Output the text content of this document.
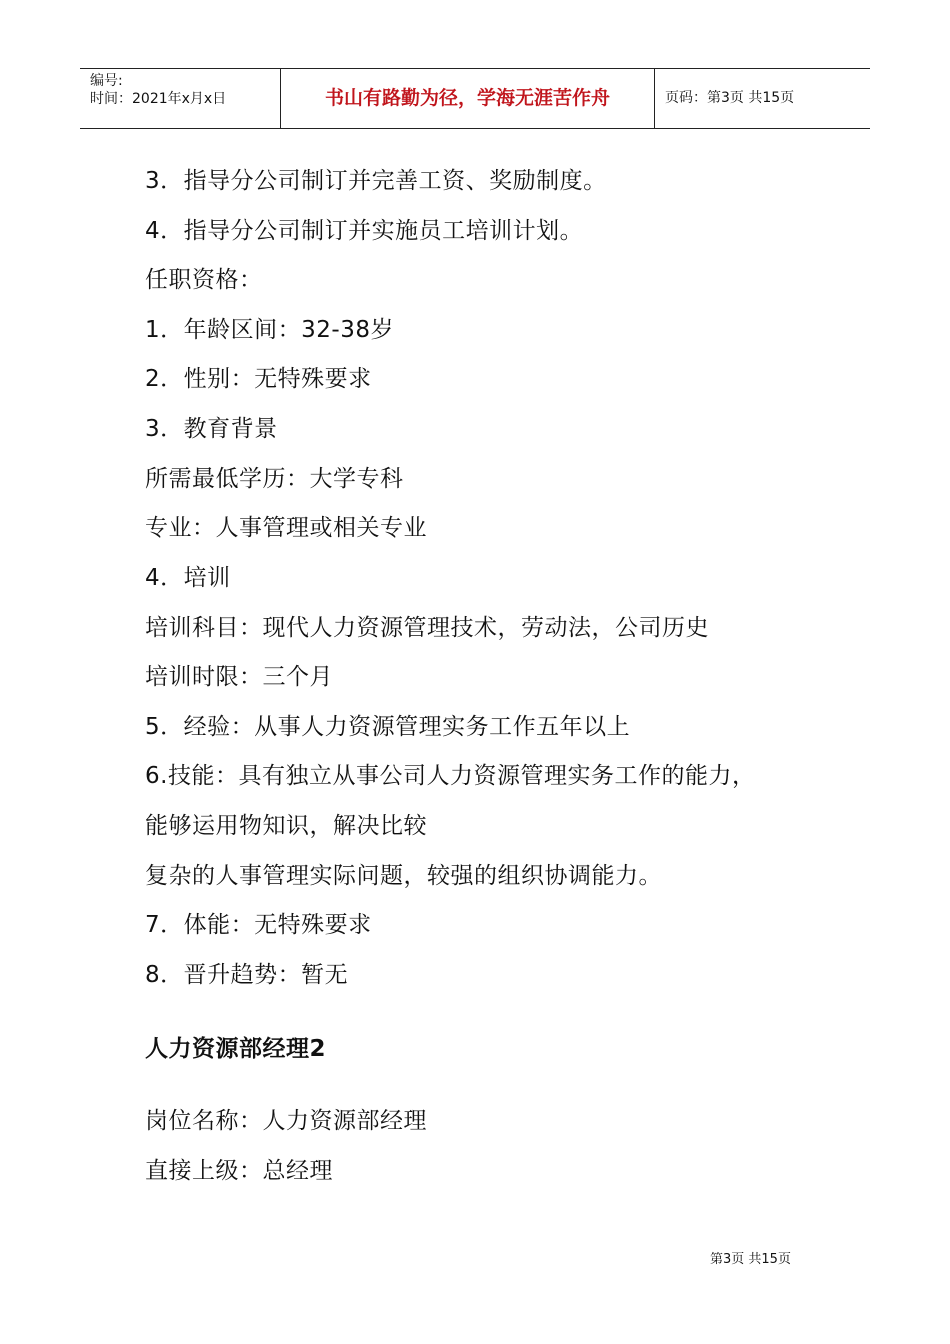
编号:
时间：2021年x月x日	书山有路勤为径，学海无涯苦作舟	页码：第3页 共15页

3．指导分公司制订并完善工资、奖励制度。

4．指导分公司制订并实施员工培训计划。

任职资格：

1．年龄区间：32-38岁

2．性别：无特殊要求

3．教育背景

所需最低学历：大学专科

专业：人事管理或相关专业

4．培训

培训科目：现代人力资源管理技术，劳动法，公司历史

培训时限：三个月

5．经验：从事人力资源管理实务工作五年以上

6.技能：具有独立从事公司人力资源管理实务工作的能力，

能够运用物知识，解决比较

复杂的人事管理实际问题，较强的组织协调能力。

7．体能：无特殊要求

8．晋升趋势：暂无

人力资源部经理2

岗位名称：人力资源部经理

直接上级：总经理

第3页 共15页
